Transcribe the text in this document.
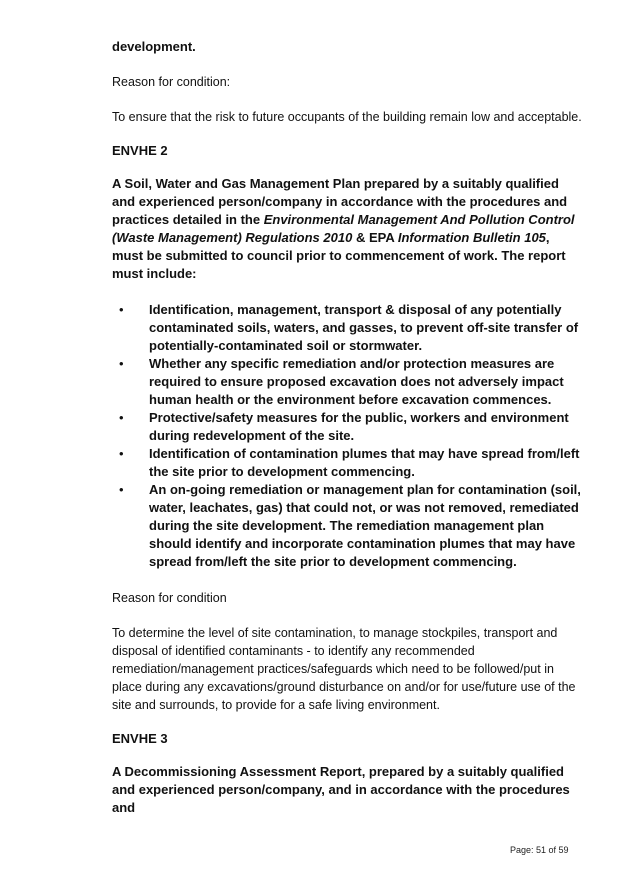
development.

Reason for condition:

To ensure that the risk to future occupants of the building remain low and acceptable.

ENVHE 2

A Soil, Water and Gas Management Plan prepared by a suitably qualified and experienced person/company in accordance with the procedures and practices detailed in the Environmental Management And Pollution Control (Waste Management) Regulations 2010 & EPA Information Bulletin 105, must be submitted to council prior to commencement of work. The report must include:

• Identification, management, transport & disposal of any potentially contaminated soils, waters, and gasses, to prevent off-site transfer of potentially-contaminated soil or stormwater.
• Whether any specific remediation and/or protection measures are required to ensure proposed excavation does not adversely impact human health or the environment before excavation commences.
• Protective/safety measures for the public, workers and environment during redevelopment of the site.
• Identification of contamination plumes that may have spread from/left the site prior to development commencing.
• An on-going remediation or management plan for contamination (soil, water, leachates, gas) that could not, or was not removed, remediated during the site development. The remediation management plan should identify and incorporate contamination plumes that may have spread from/left the site prior to development commencing.

Reason for condition

To determine the level of site contamination, to manage stockpiles, transport and disposal of identified contaminants - to identify any recommended remediation/management practices/safeguards which need to be followed/put in place during any excavations/ground disturbance on and/or for use/future use of the site and surrounds, to provide for a safe living environment.

ENVHE 3

A Decommissioning Assessment Report, prepared by a suitably qualified and experienced person/company, and in accordance with the procedures and

Page: 51 of 59
